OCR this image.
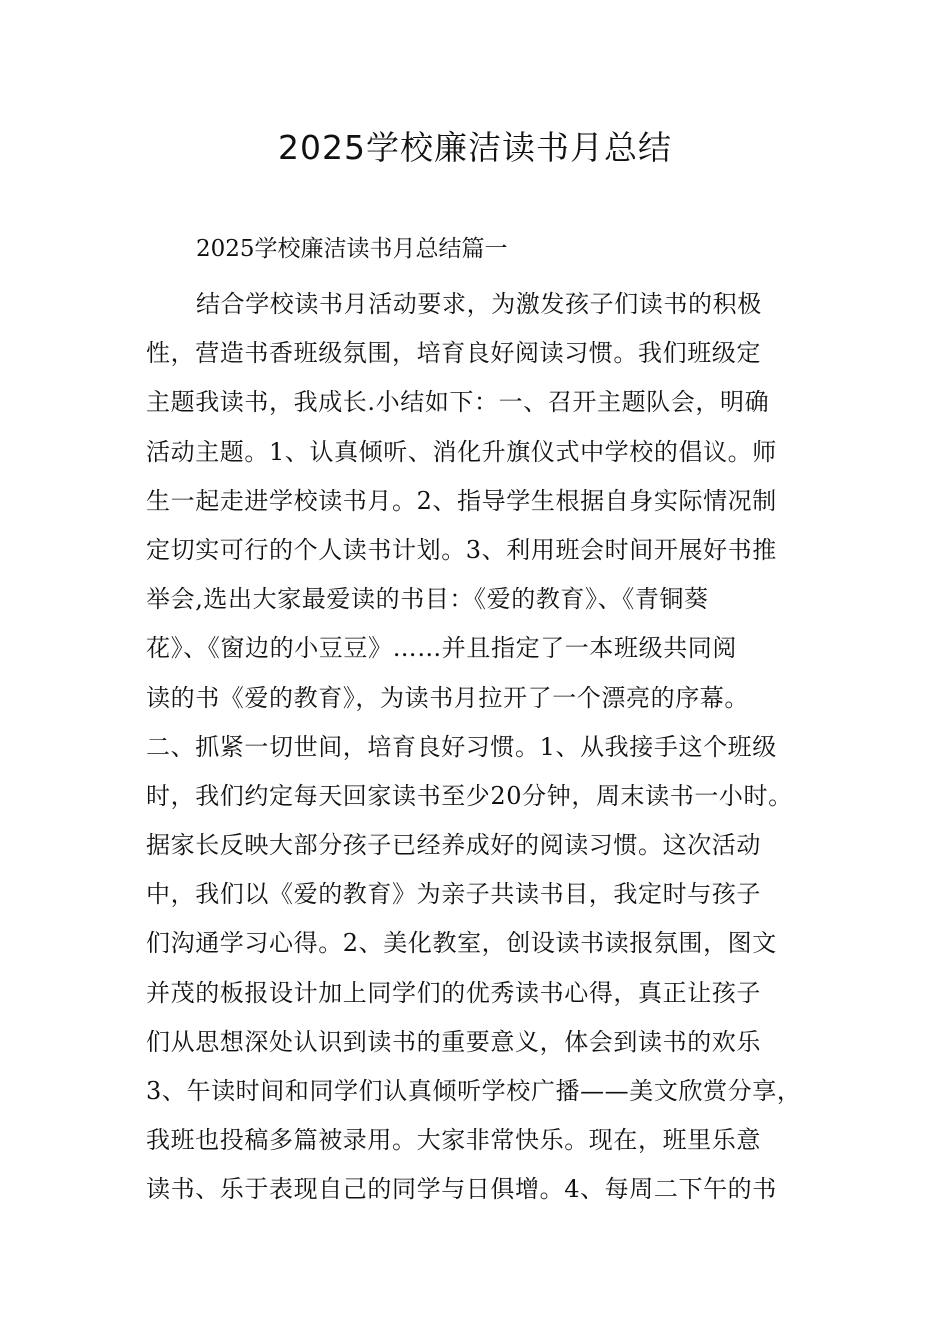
2025学校廉洁读书月总结

2025学校廉洁读书月总结篇一

结合学校读书月活动要求，为激发孩子们读书的积极
性，营造书香班级氛围，培育良好阅读习惯。我们班级定
主题我读书，我成长.小结如下：一、召开主题队会，明确
活动主题。1、认真倾听、消化升旗仪式中学校的倡议。师
生一起走进学校读书月。2、指导学生根据自身实际情况制
定切实可行的个人读书计划。3、利用班会时间开展好书推
举会,选出大家最爱读的书目：《爱的教育》、《青铜葵
花》、《窗边的小豆豆》……并且指定了一本班级共同阅
读的书《爱的教育》，为读书月拉开了一个漂亮的序幕。
二、抓紧一切世间，培育良好习惯。1、从我接手这个班级
时，我们约定每天回家读书至少20分钟，周末读书一小时。
据家长反映大部分孩子已经养成好的阅读习惯。这次活动
中，我们以《爱的教育》为亲子共读书目，我定时与孩子
们沟通学习心得。2、美化教室，创设读书读报氛围，图文
并茂的板报设计加上同学们的优秀读书心得，真正让孩子
们从思想深处认识到读书的重要意义，体会到读书的欢乐
3、午读时间和同学们认真倾听学校广播——美文欣赏分享，
我班也投稿多篇被录用。大家非常快乐。现在，班里乐意
读书、乐于表现自己的同学与日俱增。4、每周二下午的书
